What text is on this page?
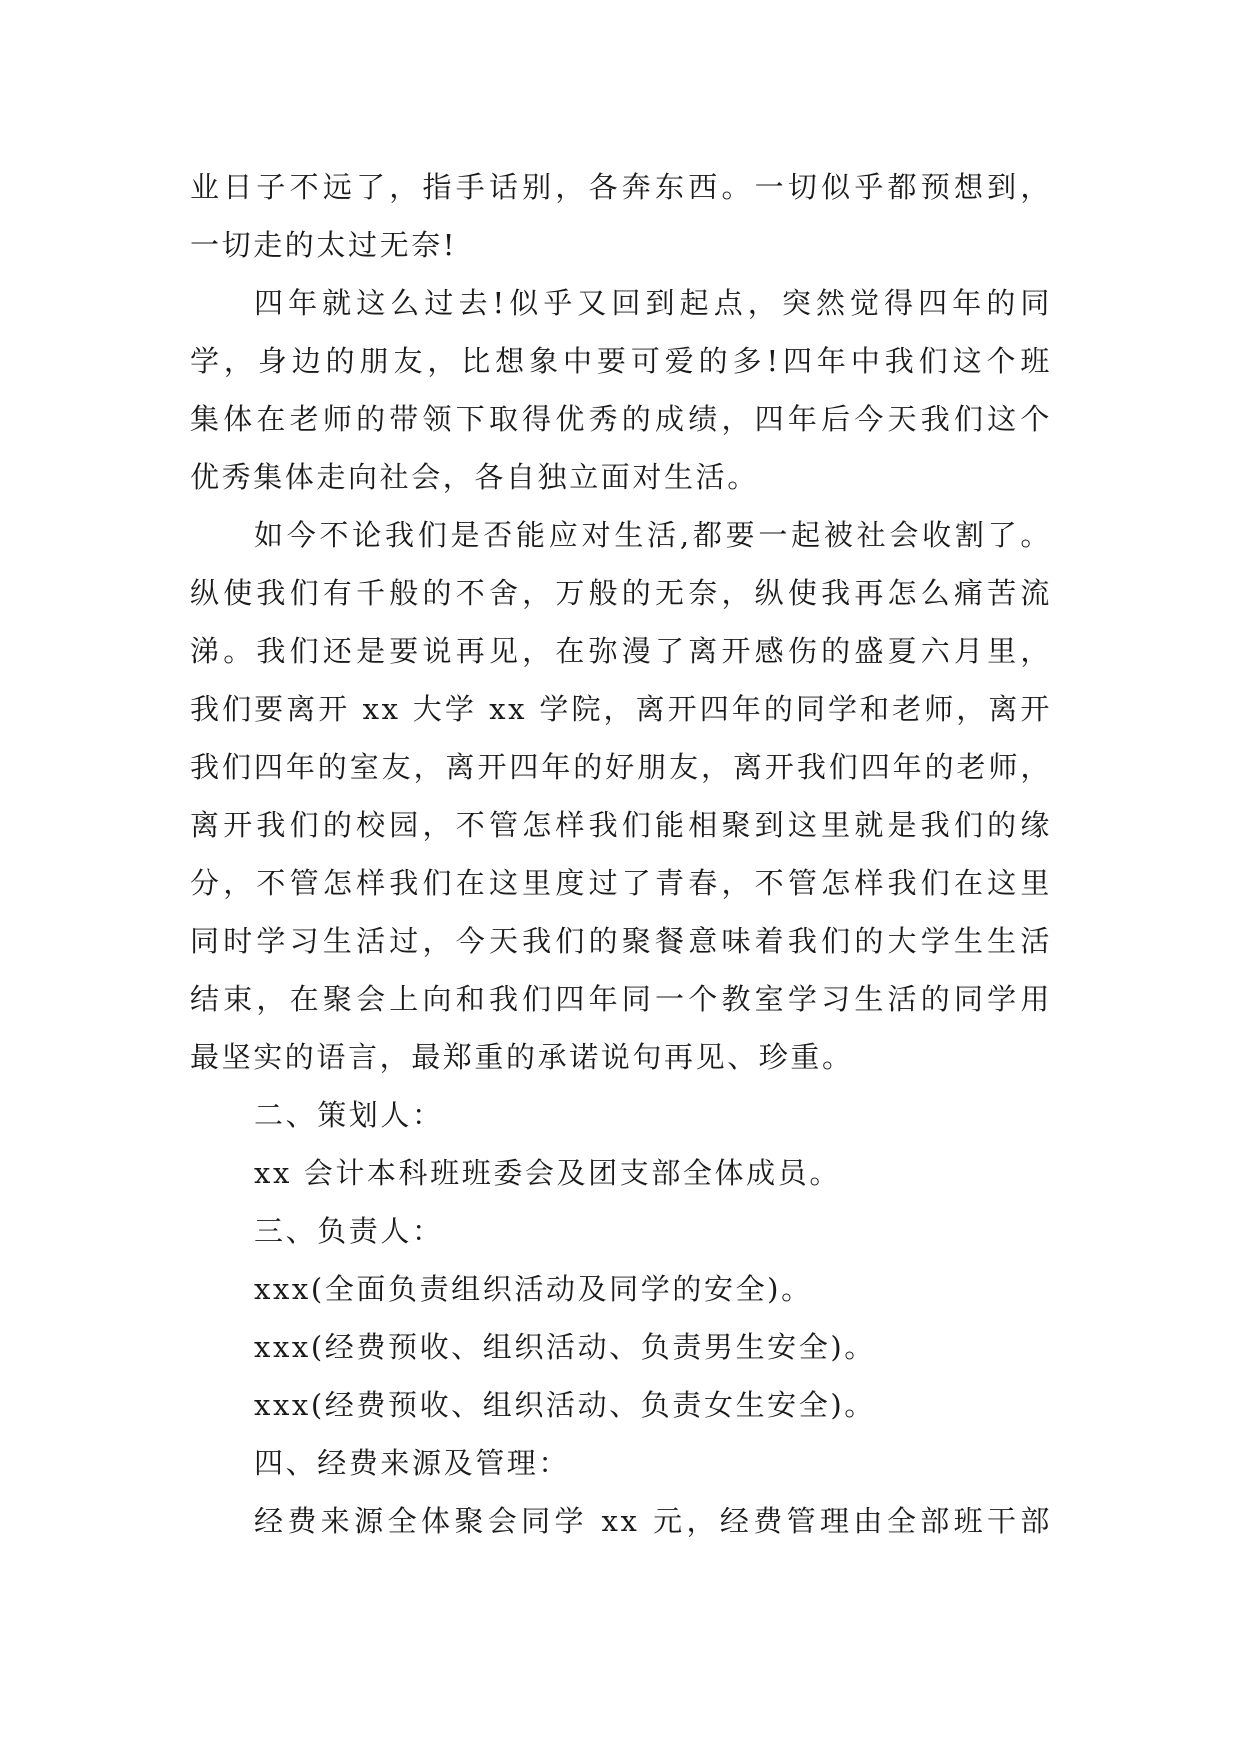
业日子不远了，指手话别，各奔东西。一切似乎都预想到，
一切走的太过无奈!
四年就这么过去!似乎又回到起点，突然觉得四年的同
学，身边的朋友，比想象中要可爱的多!四年中我们这个班
集体在老师的带领下取得优秀的成绩，四年后今天我们这个
优秀集体走向社会，各自独立面对生活。
如今不论我们是否能应对生活,都要一起被社会收割了。
纵使我们有千般的不舍，万般的无奈，纵使我再怎么痛苦流
涕。我们还是要说再见，在弥漫了离开感伤的盛夏六月里，
我们要离开 xx 大学 xx 学院，离开四年的同学和老师，离开
我们四年的室友，离开四年的好朋友，离开我们四年的老师，
离开我们的校园，不管怎样我们能相聚到这里就是我们的缘
分，不管怎样我们在这里度过了青春，不管怎样我们在这里
同时学习生活过，今天我们的聚餐意味着我们的大学生生活
结束，在聚会上向和我们四年同一个教室学习生活的同学用
最坚实的语言，最郑重的承诺说句再见、珍重。
二、策划人：
xx 会计本科班班委会及团支部全体成员。
三、负责人：
xxx(全面负责组织活动及同学的安全)。
xxx(经费预收、组织活动、负责男生安全)。
xxx(经费预收、组织活动、负责女生安全)。
四、经费来源及管理：
经费来源全体聚会同学 xx 元，经费管理由全部班干部
